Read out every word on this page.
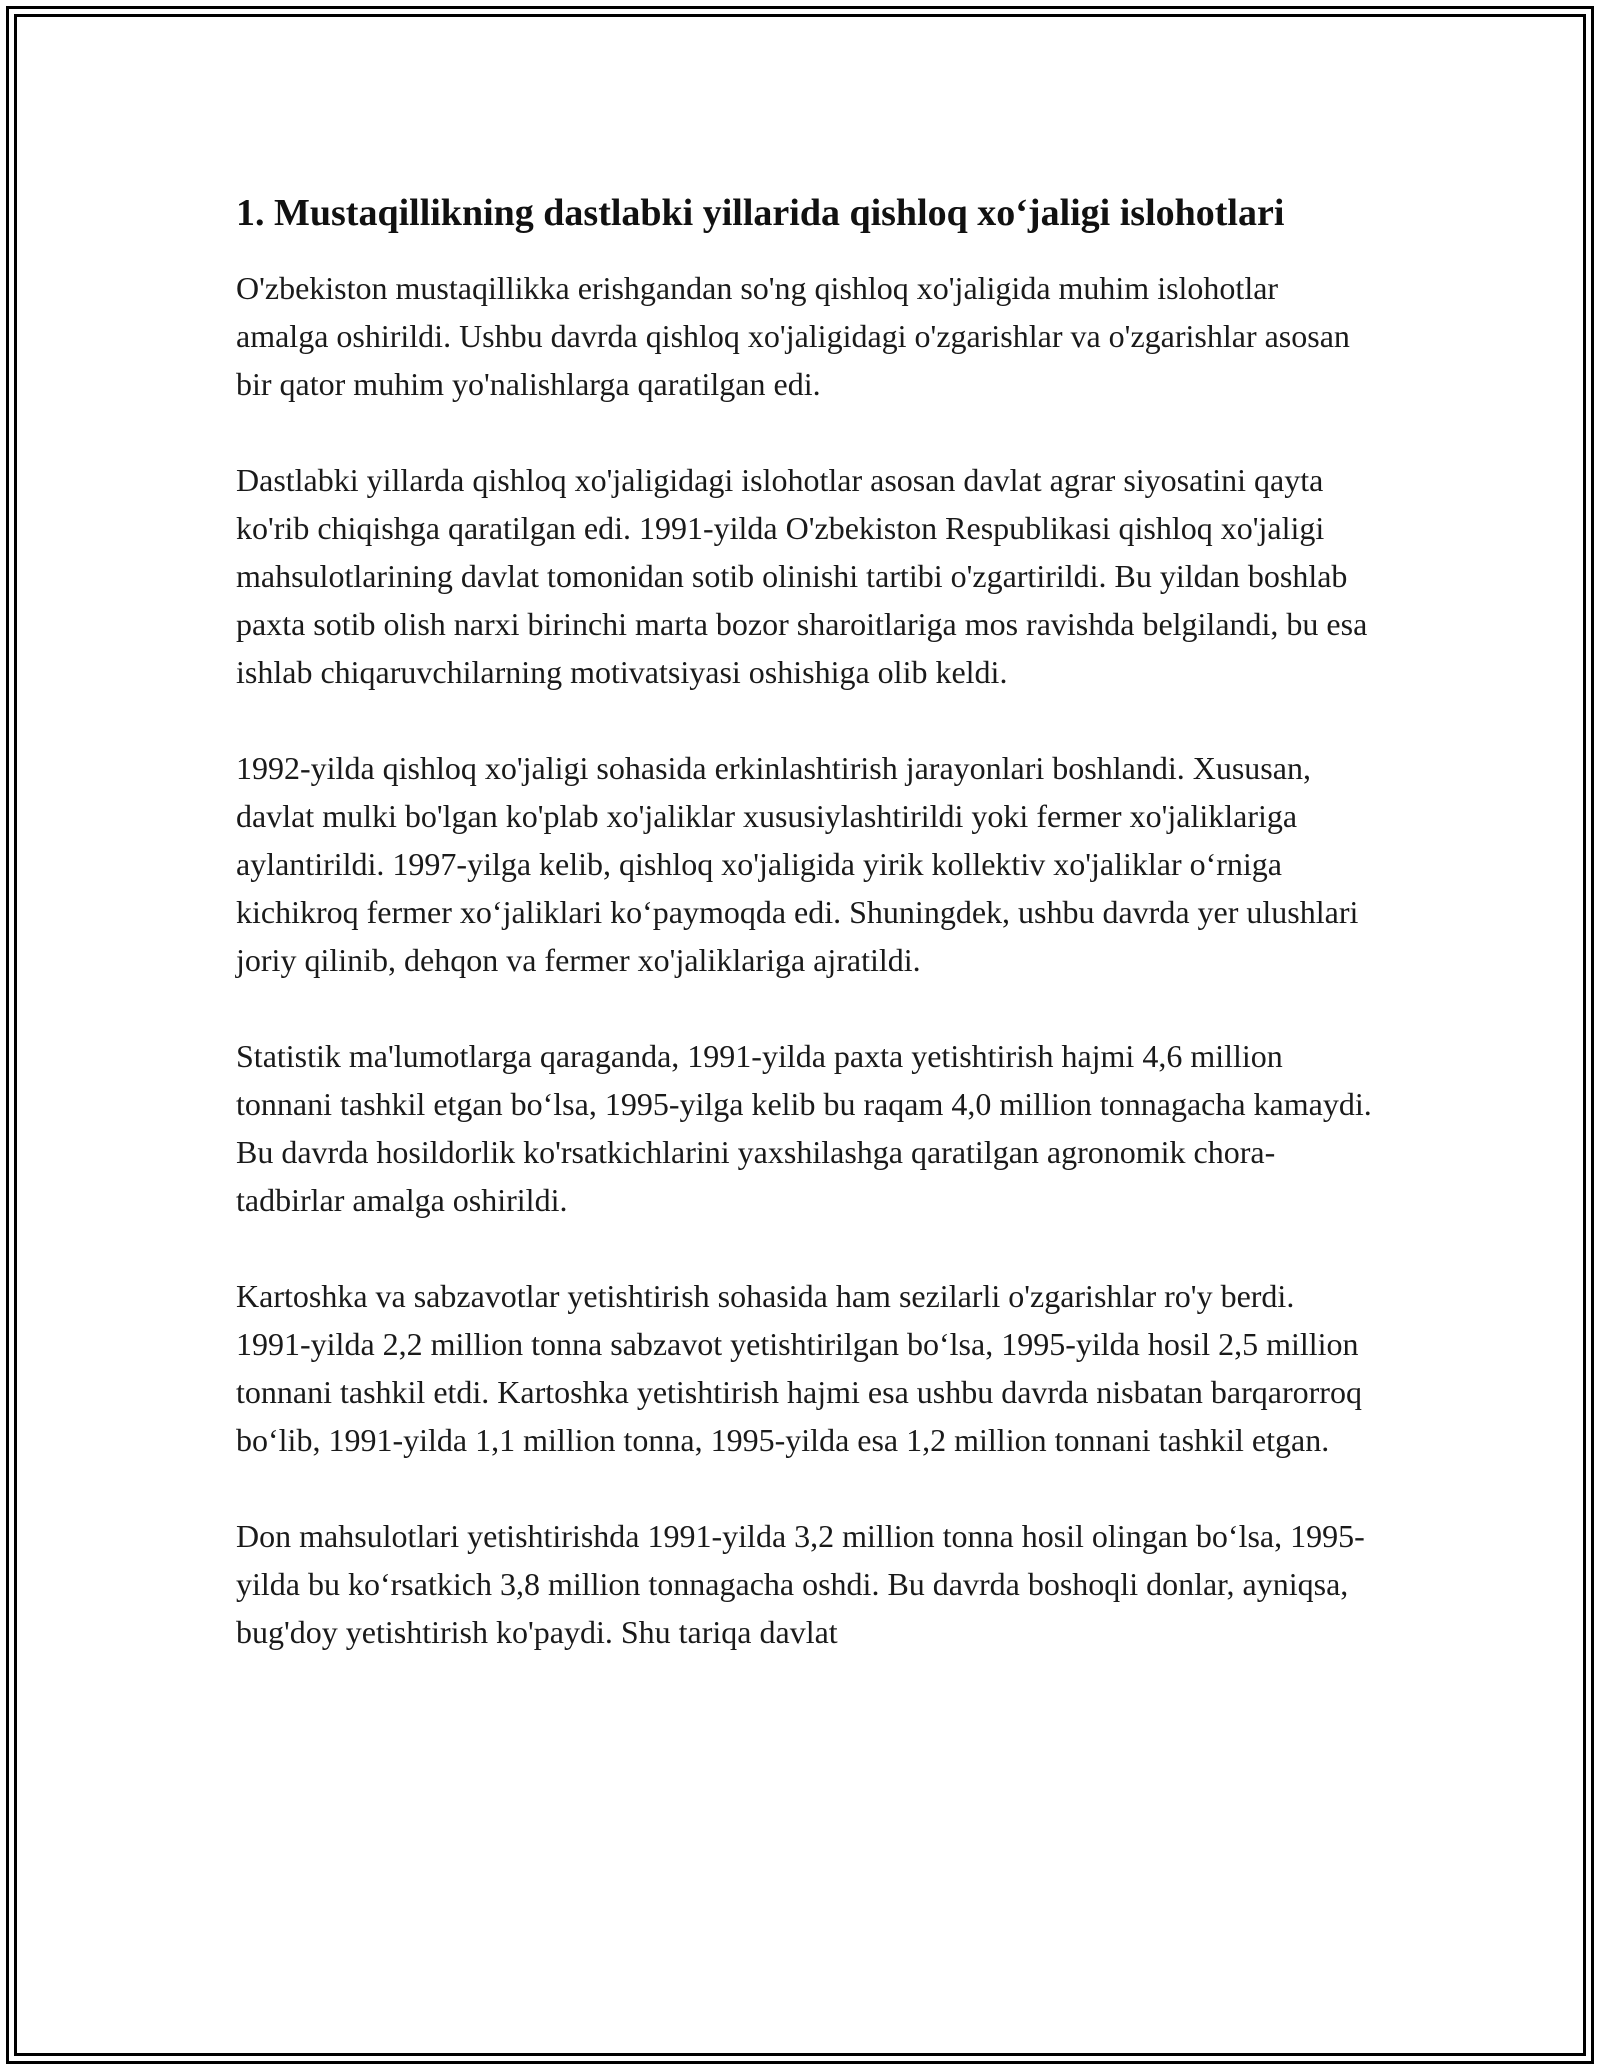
1. Mustaqillikning dastlabki yillarida qishloq xo‘jaligi islohotlari

O'zbekiston mustaqillikka erishgandan so'ng qishloq xo'jaligida muhim islohotlar amalga oshirildi. Ushbu davrda qishloq xo'jaligidagi o'zgarishlar va o'zgarishlar asosan bir qator muhim yo'nalishlarga qaratilgan edi.

Dastlabki yillarda qishloq xo'jaligidagi islohotlar asosan davlat agrar siyosatini qayta ko'rib chiqishga qaratilgan edi. 1991-yilda O'zbekiston Respublikasi qishloq xo'jaligi mahsulotlarining davlat tomonidan sotib olinishi tartibi o'zgartirildi. Bu yildan boshlab paxta sotib olish narxi birinchi marta bozor sharoitlariga mos ravishda belgilandi, bu esa ishlab chiqaruvchilarning motivatsiyasi oshishiga olib keldi.

1992-yilda qishloq xo'jaligi sohasida erkinlashtirish jarayonlari boshlandi. Xususan, davlat mulki bo'lgan ko'plab xo'jaliklar xususiylashtirildi yoki fermer xo'jaliklariga aylantirildi. 1997-yilga kelib, qishloq xo'jaligida yirik kollektiv xo'jaliklar o‘rniga kichikroq fermer xo‘jaliklari ko‘paymoqda edi. Shuningdek, ushbu davrda yer ulushlari joriy qilinib, dehqon va fermer xo'jaliklariga ajratildi.

Statistik ma'lumotlarga qaraganda, 1991-yilda paxta yetishtirish hajmi 4,6 million tonnani tashkil etgan bo‘lsa, 1995-yilga kelib bu raqam 4,0 million tonnagacha kamaydi. Bu davrda hosildorlik ko'rsatkichlarini yaxshilashga qaratilgan agronomik chora-tadbirlar amalga oshirildi.

Kartoshka va sabzavotlar yetishtirish sohasida ham sezilarli o'zgarishlar ro'y berdi. 1991-yilda 2,2 million tonna sabzavot yetishtirilgan bo‘lsa, 1995-yilda hosil 2,5 million tonnani tashkil etdi. Kartoshka yetishtirish hajmi esa ushbu davrda nisbatan barqarorroq bo‘lib, 1991-yilda 1,1 million tonna, 1995-yilda esa 1,2 million tonnani tashkil etgan.

Don mahsulotlari yetishtirishda 1991-yilda 3,2 million tonna hosil olingan bo‘lsa, 1995-yilda bu ko‘rsatkich 3,8 million tonnagacha oshdi. Bu davrda boshoqli donlar, ayniqsa, bug'doy yetishtirish ko'paydi. Shu tariqa davlat
